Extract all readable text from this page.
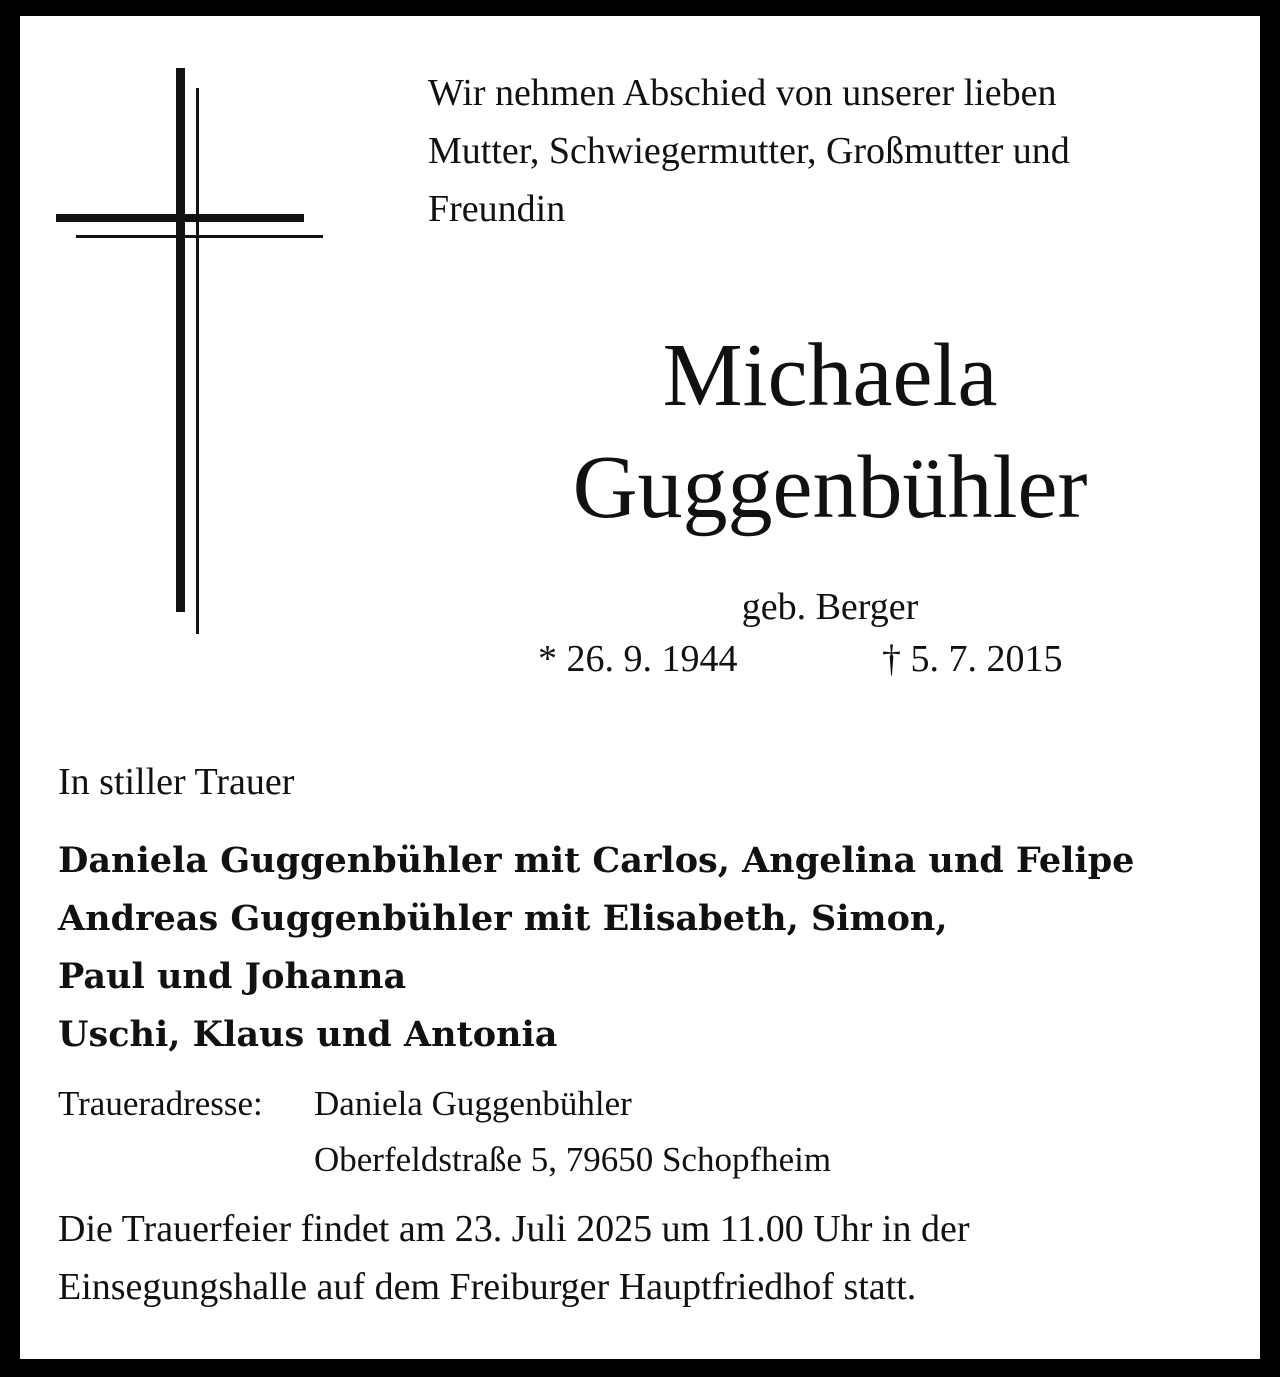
Wir nehmen Abschied von unserer lieben
Mutter, Schwiegermutter, Großmutter und
Freundin
Michaela
Guggenbühler
geb. Berger
* 26. 9. 1944	† 5. 7. 2015
In stiller Trauer
Daniela Guggenbühler mit Carlos, Angelina und Felipe
Andreas Guggenbühler mit Elisabeth, Simon,
Paul und Johanna
Uschi, Klaus und Antonia
Traueradresse: Daniela Guggenbühler
Oberfeldstraße 5, 79650 Schopfheim
Die Trauerfeier findet am 23. Juli 2025 um 11.00 Uhr in der
Einsegungshalle auf dem Freiburger Hauptfriedhof statt.
